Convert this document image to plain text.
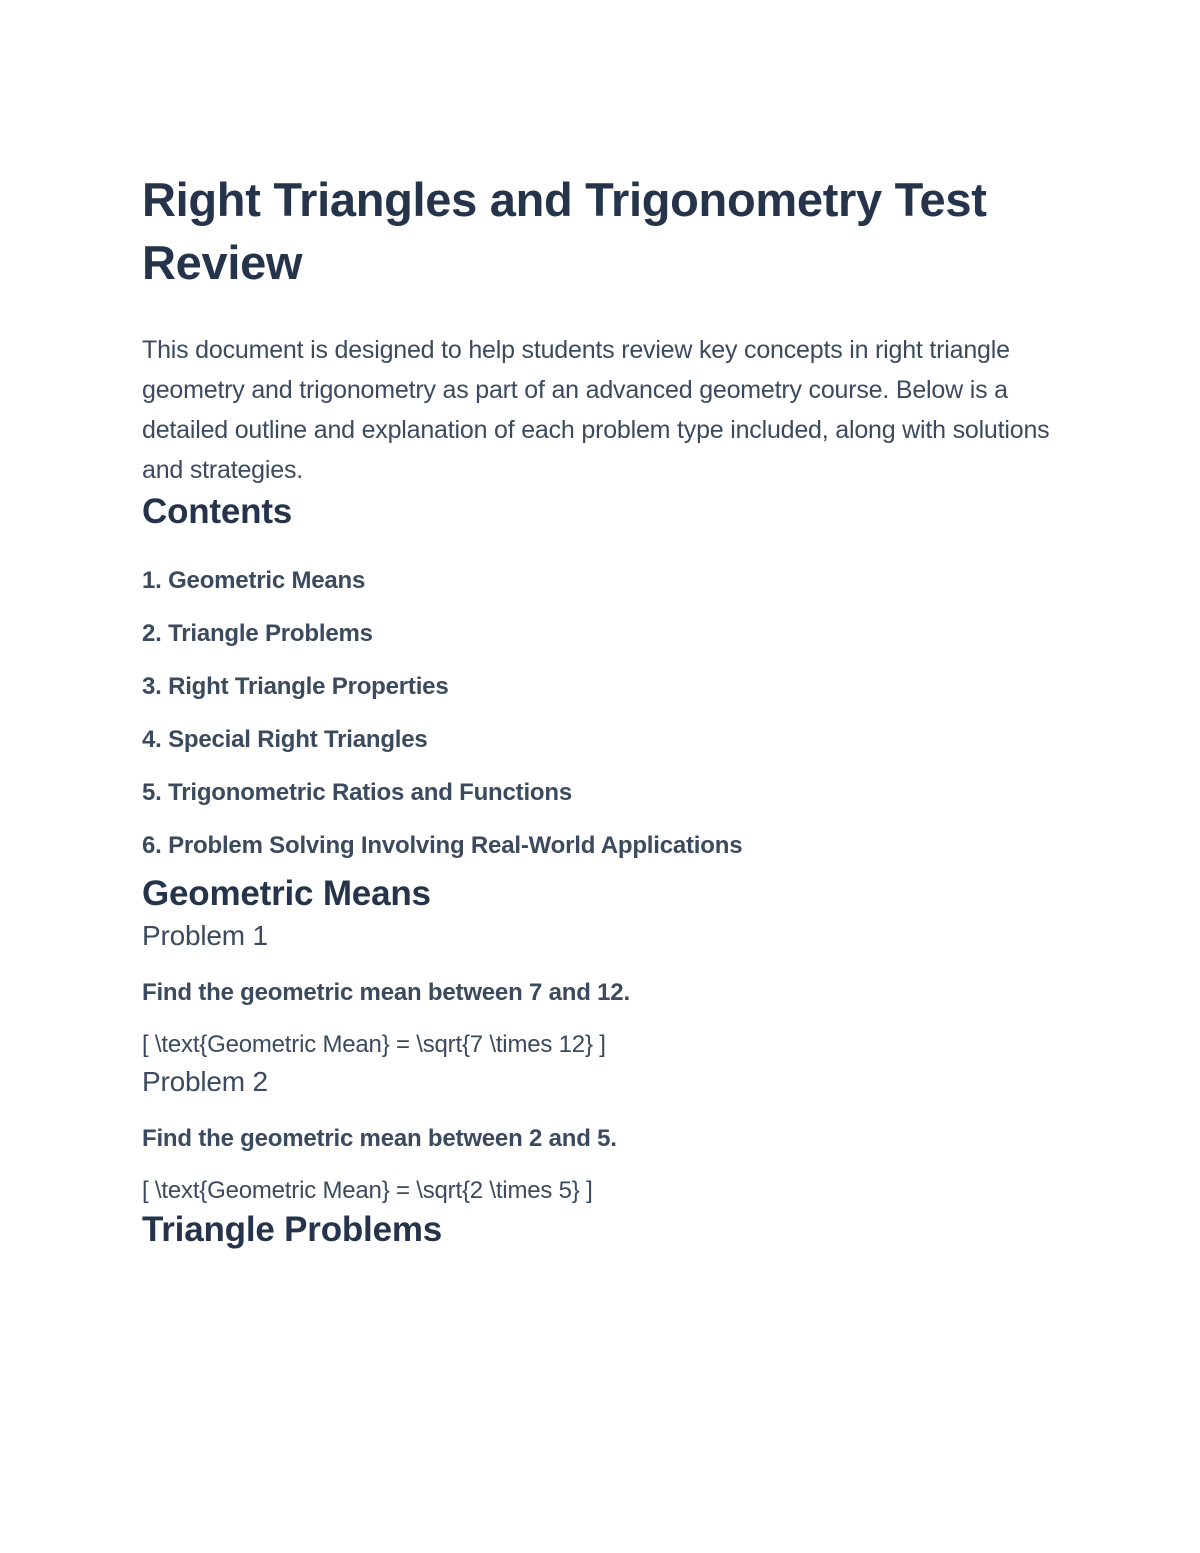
Right Triangles and Trigonometry Test Review

This document is designed to help students review key concepts in right triangle geometry and trigonometry as part of an advanced geometry course. Below is a detailed outline and explanation of each problem type included, along with solutions and strategies.

Contents
1. Geometric Means
2. Triangle Problems
3. Right Triangle Properties
4. Special Right Triangles
5. Trigonometric Ratios and Functions
6. Problem Solving Involving Real-World Applications
Geometric Means
Problem 1

Find the geometric mean between 7 and 12.

[ \text{Geometric Mean} = \sqrt{7 \times 12} ]

Problem 2

Find the geometric mean between 2 and 5.

[ \text{Geometric Mean} = \sqrt{2 \times 5} ]

Triangle Problems
